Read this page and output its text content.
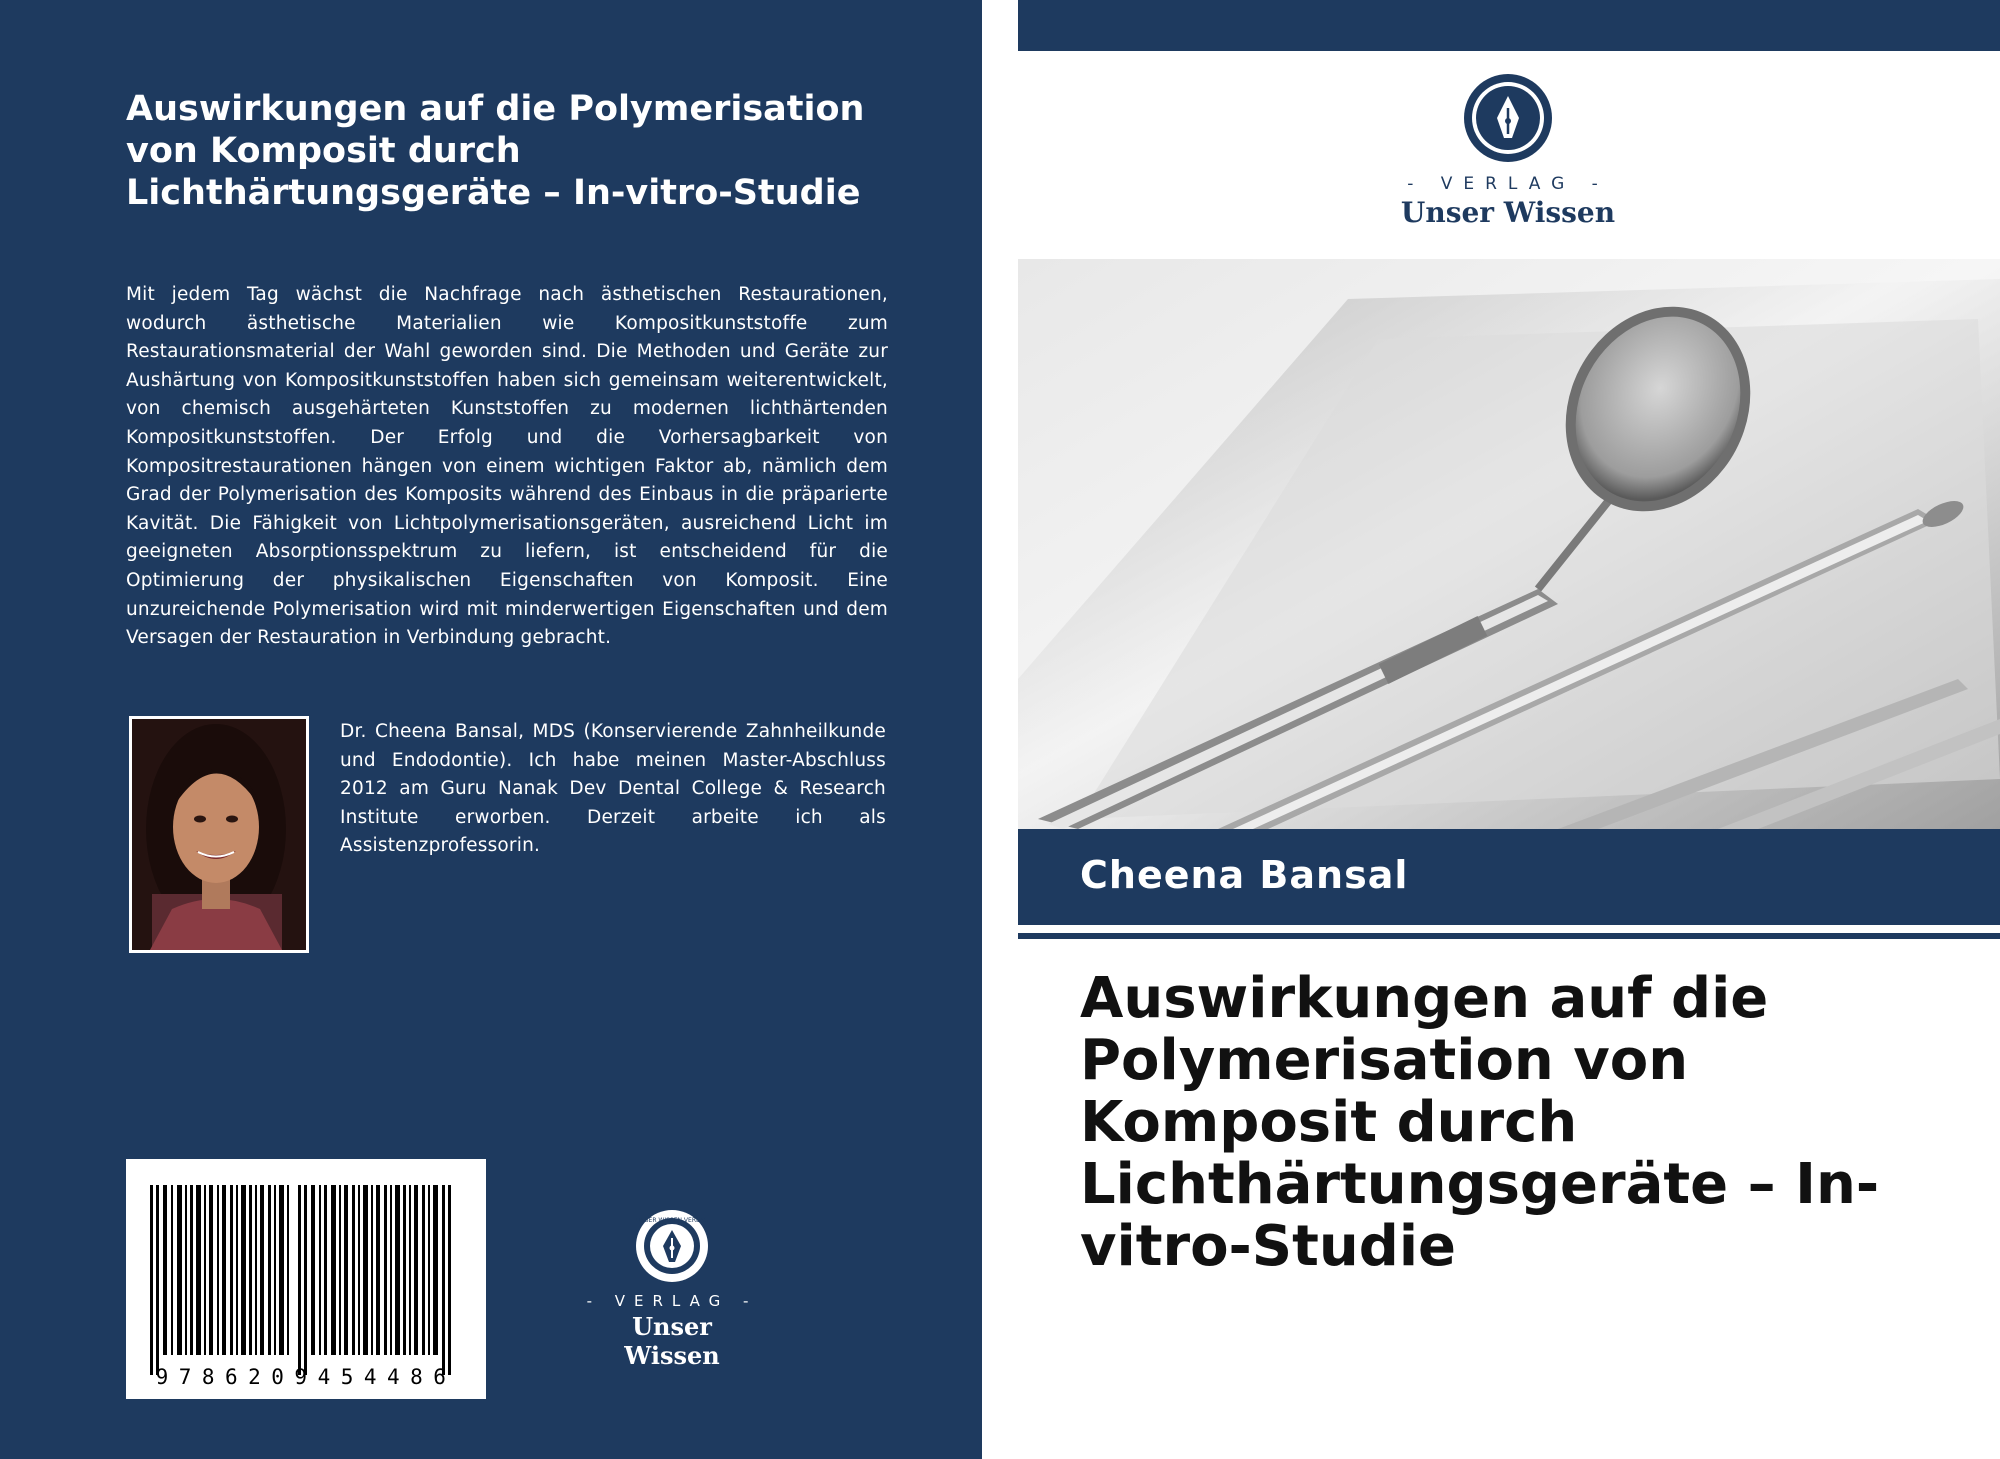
Auswirkungen auf die Polymerisation von Komposit durch Lichthärtungsgeräte – In-vitro-Studie

Mit jedem Tag wächst die Nachfrage nach ästhetischen Restaurationen, wodurch ästhetische Materialien wie Kompositkunststoffe zum Restaurationsmaterial der Wahl geworden sind. Die Methoden und Geräte zur Aushärtung von Kompositkunststoffen haben sich gemeinsam weiterentwickelt, von chemisch ausgehärteten Kunststoffen zu modernen lichthärtenden Kompositkunststoffen. Der Erfolg und die Vorhersagbarkeit von Kompositrestaurationen hängen von einem wichtigen Faktor ab, nämlich dem Grad der Polymerisation des Komposits während des Einbaus in die präparierte Kavität. Die Fähigkeit von Lichtpolymerisationsgeräten, ausreichend Licht im geeigneten Absorptionsspektrum zu liefern, ist entscheidend für die Optimierung der physikalischen Eigenschaften von Komposit. Eine unzureichende Polymerisation wird mit minderwertigen Eigenschaften und dem Versagen der Restauration in Verbindung gebracht.

Dr. Cheena Bansal, MDS (Konservierende Zahnheilkunde und Endodontie). Ich habe meinen Master-Abschluss 2012 am Guru Nanak Dev Dental College & Research Institute erworben. Derzeit arbeite ich als Assistenzprofessorin.

9786209454486
UNSER WISSEN VERLAG
- VERLAG -
Unser Wissen
- VERLAG -
Unser Wissen
Cheena Bansal
Auswirkungen auf die Polymerisation von Komposit durch Lichthärtungsgeräte – In-vitro-Studie
